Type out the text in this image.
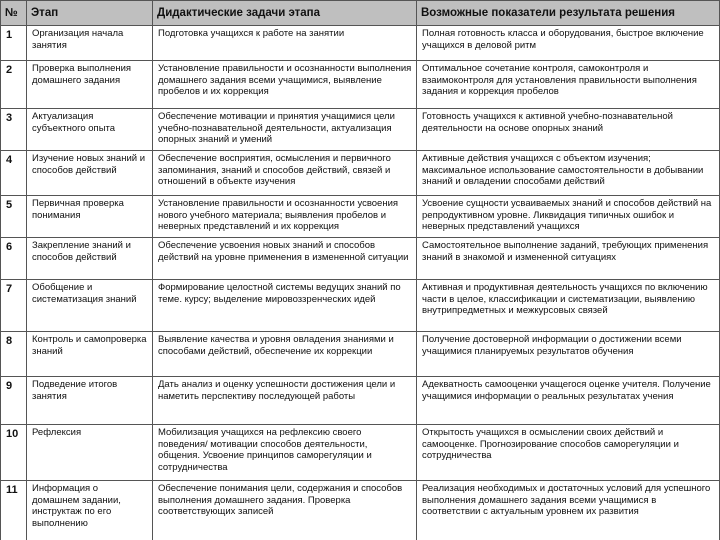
№	Этап	Дидактические задачи этапа	Возможные показатели результата решения
1	Организация начала занятия	Подготовка учащихся к работе на занятии	Полная готовность класса и оборудования, быстрое включение учащихся в деловой ритм
2	Проверка выполнения домашнего задания	Установление правильности и осознанности выполнения домашнего задания всеми учащимися, выявление пробелов и их коррекция	Оптимальное сочетание контроля, самоконтроля и взаимоконтроля для установления правильности выполнения задания и коррекция пробелов
3	Актуализация субъектного опыта	Обеспечение мотивации и принятия учащимися цели учебно-познавательной деятельности, актуализация опорных знаний и умений	Готовность учащихся к активной учебно-познавательной деятельности на основе опорных знаний
4	Изучение новых знаний и способов действий	Обеспечение восприятия, осмысления и первичного запоминания, знаний и способов действий, связей и отношений в объекте изучения	Активные действия учащихся с объектом изучения; максимальное использование самостоятельности в добывании знаний и овладении способами действий
5	Первичная проверка понимания	Установление правильности и осознанности усвоения нового учебного материала; выявления пробелов и неверных представлений и их коррекция	Усвоение сущности усваиваемых знаний и способов действий на репродуктивном уровне. Ликвидация типичных ошибок и неверных представлений учащихся
6	Закрепление знаний и способов действий	Обеспечение усвоения новых знаний и способов действий на уровне применения в измененной ситуации	Самостоятельное выполнение заданий, требующих применения знаний в знакомой и измененной ситуациях
7	Обобщение и систематизация знаний	Формирование целостной системы ведущих знаний по теме. курсу; выделение мировоззренческих идей	Активная и продуктивная деятельность учащихся по включению части в целое, классификации и систематизации, выявлению внутрипредметных и межкурсовых связей
8	Контроль и самопроверка знаний	Выявление качества и уровня овладения знаниями и способами действий, обеспечение их коррекции	Получение достоверной информации о достижении всеми учащимися планируемых результатов обучения
9	Подведение итогов занятия	Дать анализ и оценку успешности достижения цели и наметить перспективу последующей работы	Адекватность самооценки учащегося оценке учителя. Получение учащимися информации о реальных результатах учения
10	Рефлексия	Мобилизация учащихся на рефлексию своего поведения/ мотивации способов деятельности, общения. Усвоение принципов саморегуляции и сотрудничества	Открытость учащихся в осмыслении своих действий и самооценке. Прогнозирование способов саморегуляции и сотрудничества
11	Информация о домашнем задании, инструктаж по его выполнению	Обеспечение понимания цели, содержания и способов выполнения домашнего задания. Проверка соответствующих записей	Реализация необходимых и достаточных условий для успешного выполнения домашнего задания всеми учащимися в соответствии с актуальным уровнем их развития
